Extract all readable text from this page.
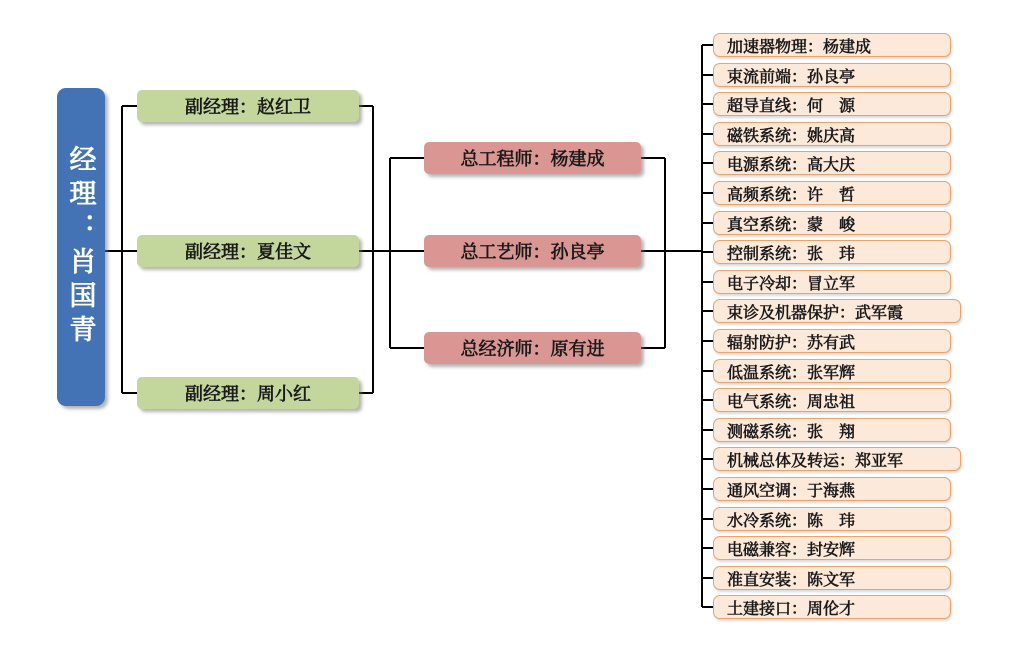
经理：肖国青
副经理：赵红卫
副经理：夏佳文
副经理：周小红
总工程师：杨建成
总工艺师：孙良亭
总经济师：原有进
加速器物理：杨建成
束流前端：孙良亭
超导直线：何　源
磁铁系统：姚庆高
电源系统：高大庆
高频系统：许　哲
真空系统：蒙　峻
控制系统：张　玮
电子冷却：冒立军
束诊及机器保护：武军霞
辐射防护：苏有武
低温系统：张军辉
电气系统：周忠祖
测磁系统：张　翔
机械总体及转运：郑亚军
通风空调：于海燕
水冷系统：陈　玮
电磁兼容：封安辉
准直安装：陈文军
土建接口：周伦才
